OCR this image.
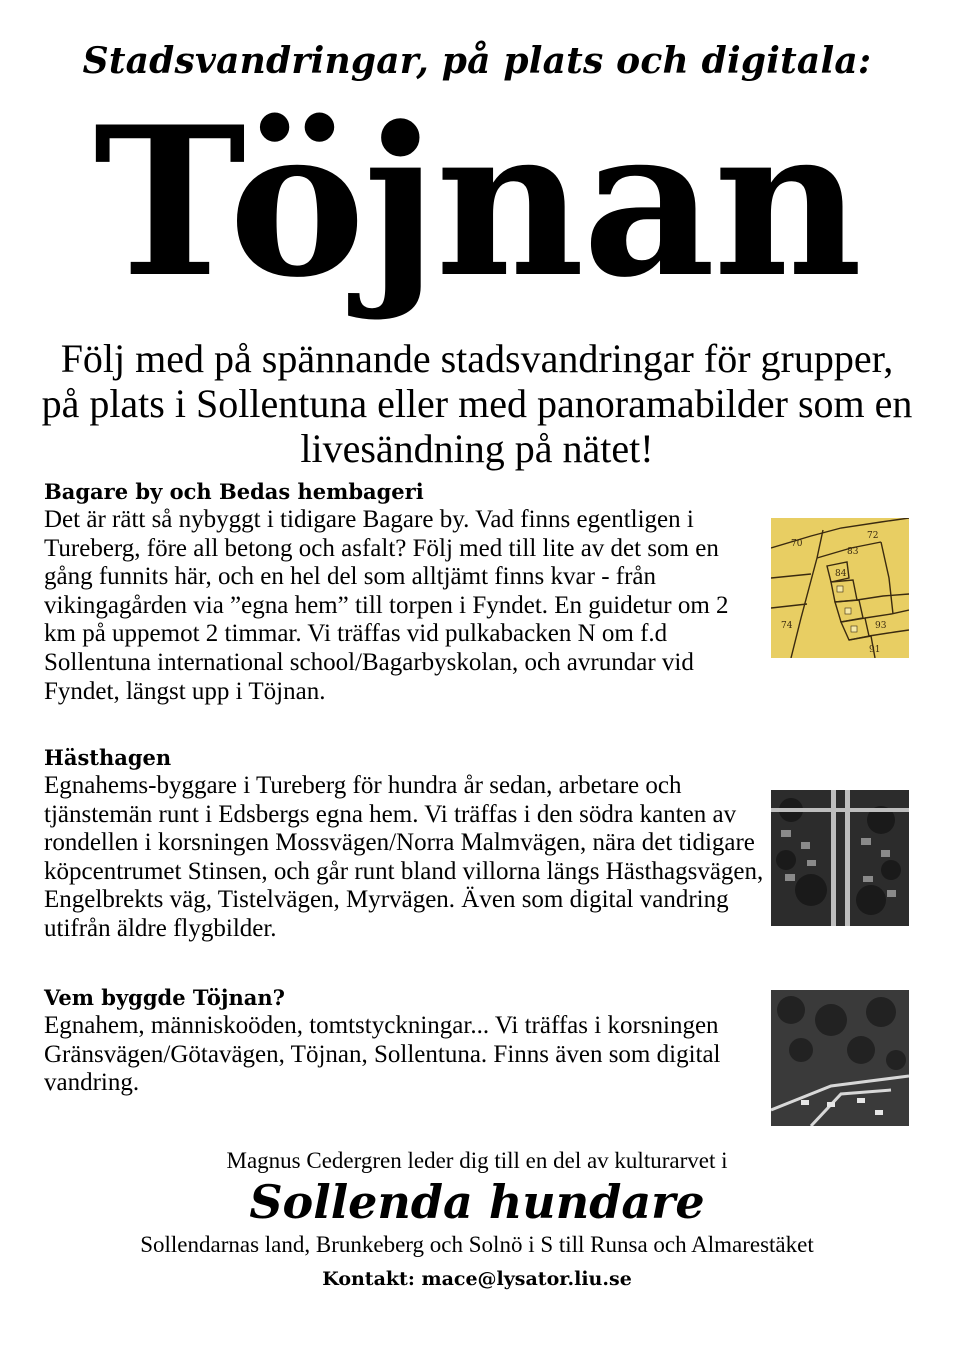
Stadsvandringar, på plats och digitala:
Töjnan
Följ med på spännande stadsvandringar för grupper, på plats i Sollentuna eller med panoramabilder som en livesändning på nätet!
Bagare by och Bedas hembageri

Det är rätt så nybyggt i tidigare Bagare by. Vad finns egentligen i Tureberg, före all betong och asfalt? Följ med till lite av det som en gång funnits här, och en hel del som alltjämt finns kvar - från vikingagården via ”egna hem” till torpen i Fyndet. En guidetur om 2 km på uppemot 2 timmar. Vi träffas vid pulkabacken N om f.d Sollentuna international school/Bagarbyskolan, och avrundar vid Fyndet, längst upp i Töjnan.

70
83
72
84
74	93
91
Hästhagen

Egnahems-byggare i Tureberg för hundra år sedan, arbetare och tjänstemän runt i Edsbergs egna hem. Vi träffas i den södra kanten av rondellen i korsningen Mossvägen/Norra Malmvägen, nära det tidigare köpcentrumet Stinsen, och går runt bland villorna längs Hästhagsvägen, Engelbrekts väg, Tistelvägen, Myrvägen. Även som digital vandring utifrån äldre flygbilder.

Vem byggde Töjnan?

Egnahem, människoöden, tomtstyckningar... Vi träffas i korsningen Gränsvägen/Götavägen, Töjnan, Sollentuna. Finns även som digital vandring.

Magnus Cedergren leder dig till en del av kulturarvet i
Sollenda hundare
Sollendarnas land, Brunkeberg och Solnö i S till Runsa och Almarestäket
Kontakt: mace@lysator.liu.se
